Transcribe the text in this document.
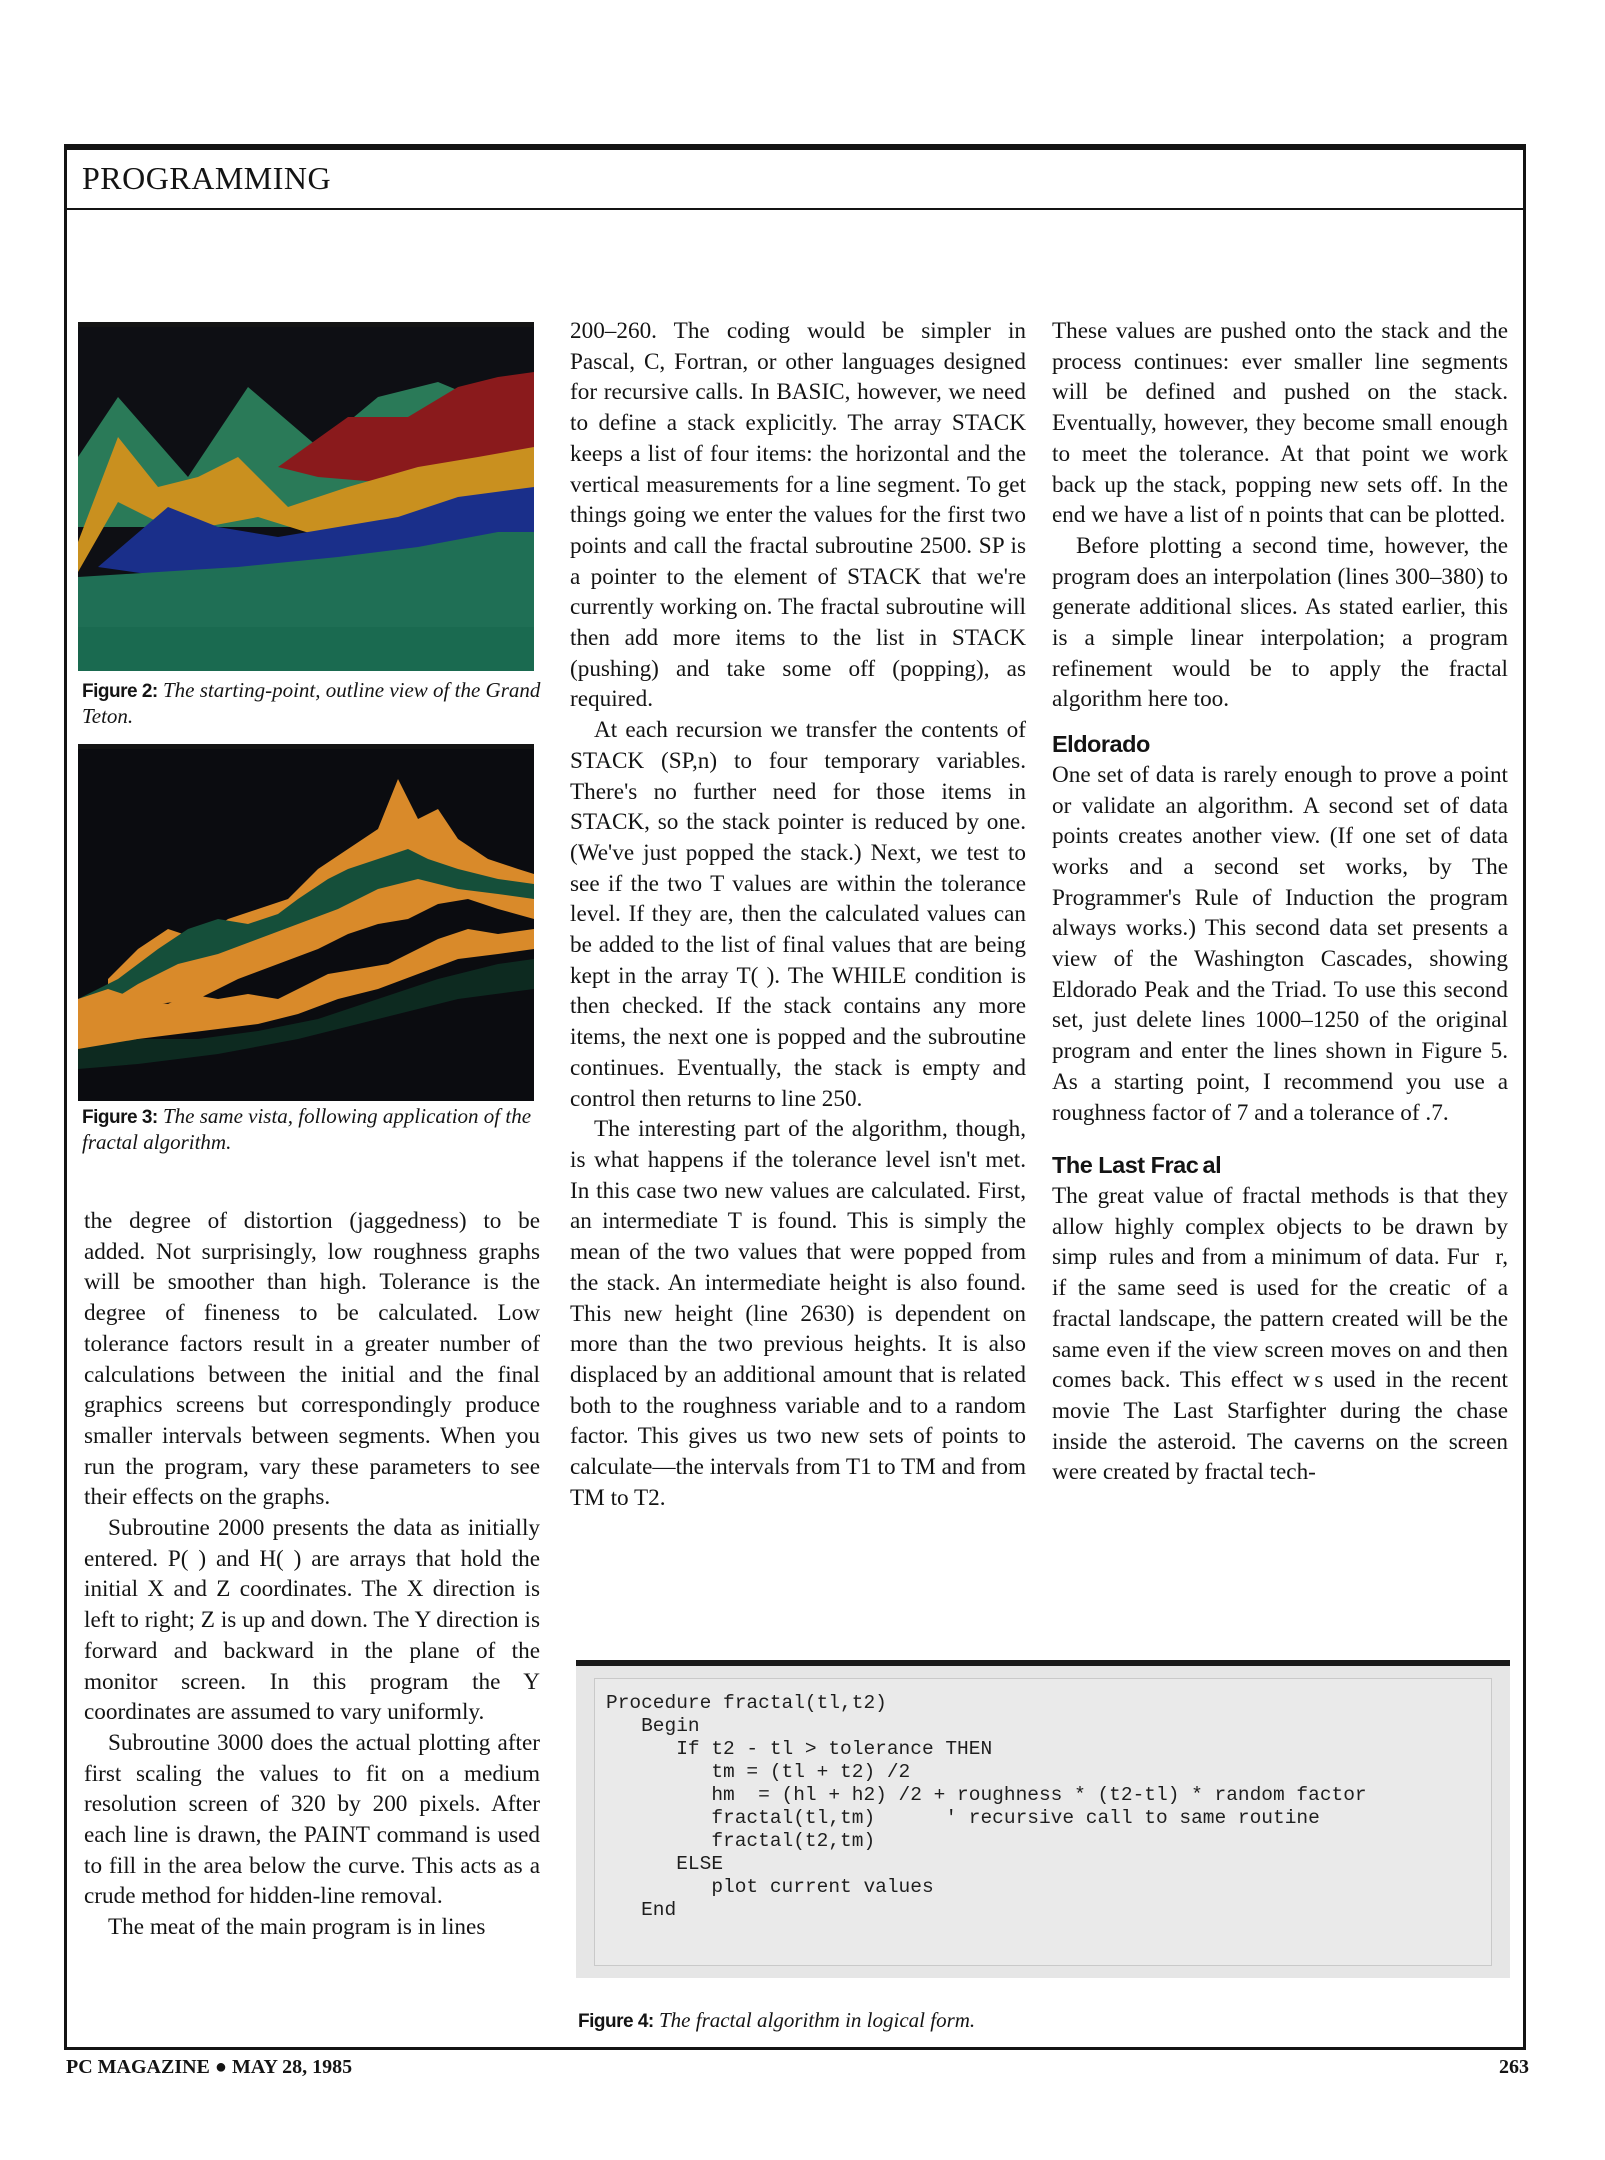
PROGRAMMING
Figure 2: The starting-point, outline view of the Grand Teton.
Figure 3: The same vista, following application of the fractal algorithm.

the degree of distortion (jaggedness) to be added. Not surprisingly, low roughness graphs will be smoother than high. Tolerance is the degree of fineness to be calculated. Low tolerance factors result in a greater number of calculations between the initial and the final graphics screens but correspondingly produce smaller intervals between segments. When you run the program, vary these parameters to see their effects on the graphs.

Subroutine 2000 presents the data as initially entered. P( ) and H( ) are arrays that hold the initial X and Z coordinates. The X direction is left to right; Z is up and down. The Y direction is forward and backward in the plane of the monitor screen. In this program the Y coordinates are assumed to vary uniformly.

Subroutine 3000 does the actual plotting after first scaling the values to fit on a medium resolution screen of 320 by 200 pixels. After each line is drawn, the PAINT command is used to fill in the area below the curve. This acts as a crude method for hidden-line removal.

The meat of the main program is in lines

200–260. The coding would be simpler in Pascal, C, Fortran, or other languages designed for recursive calls. In BASIC, however, we need to define a stack explicitly. The array STACK keeps a list of four items: the horizontal and the vertical measurements for a line segment. To get things going we enter the values for the first two points and call the fractal subroutine 2500. SP is a pointer to the element of STACK that we're currently working on. The fractal subroutine will then add more items to the list in STACK (pushing) and take some off (popping), as required.

At each recursion we transfer the contents of STACK (SP,n) to four temporary variables. There's no further need for those items in STACK, so the stack pointer is reduced by one. (We've just popped the stack.) Next, we test to see if the two T values are within the tolerance level. If they are, then the calculated values can be added to the list of final values that are being kept in the array T( ). The WHILE condition is then checked. If the stack contains any more items, the next one is popped and the subroutine continues. Eventually, the stack is empty and control then returns to line 250.

The interesting part of the algorithm, though, is what happens if the tolerance level isn't met. In this case two new values are calculated. First, an intermediate T is found. This is simply the mean of the two values that were popped from the stack. An intermediate height is also found. This new height (line 2630) is dependent on more than the two previous heights. It is also displaced by an additional amount that is related both to the roughness variable and to a random factor. This gives us two new sets of points to calculate—the intervals from T1 to TM and from TM to T2.

These values are pushed onto the stack and the process continues: ever smaller line segments will be defined and pushed on the stack. Eventually, however, they become small enough to meet the tolerance. At that point we work back up the stack, popping new sets off. In the end we have a list of n points that can be plotted.

Before plotting a second time, however, the program does an interpolation (lines 300–380) to generate additional slices. As stated earlier, this is a simple linear interpolation; a program refinement would be to apply the fractal algorithm here too.

Eldorado

One set of data is rarely enough to prove a point or validate an algorithm. A second set of data points creates another view. (If one set of data works and a second set works, by The Programmer's Rule of Induction the program always works.) This second data set presents a view of the Washington Cascades, showing Eldorado Peak and the Triad. To use this second set, just delete lines 1000–1250 of the original program and enter the lines shown in Figure 5. As a starting point, I recommend you use a roughness factor of 7 and a tolerance of .7.

The Last Frac al

The great value of fractal methods is that they allow highly complex objects to be drawn by simp  rules and from a minimum of data. Fur   r, if the same seed is used for the creatic  of a fractal landscape, the pattern created will be the same even if the view screen moves on and then comes back. This effect w s used in the recent movie The Last Starfighter during the chase inside the asteroid. The caverns on the screen were created by fractal tech-

Procedure fractal(tl,t2)
Begin
If t2 - tl > tolerance THEN
tm = (tl + t2) /2
hm  = (hl + h2) /2 + roughness * (t2-tl) * random factor
fractal(tl,tm)      ' recursive call to same routine
fractal(t2,tm)
ELSE
plot current values
End
Figure 4: The fractal algorithm in logical form.
PC MAGAZINE ● MAY 28, 1985	263
